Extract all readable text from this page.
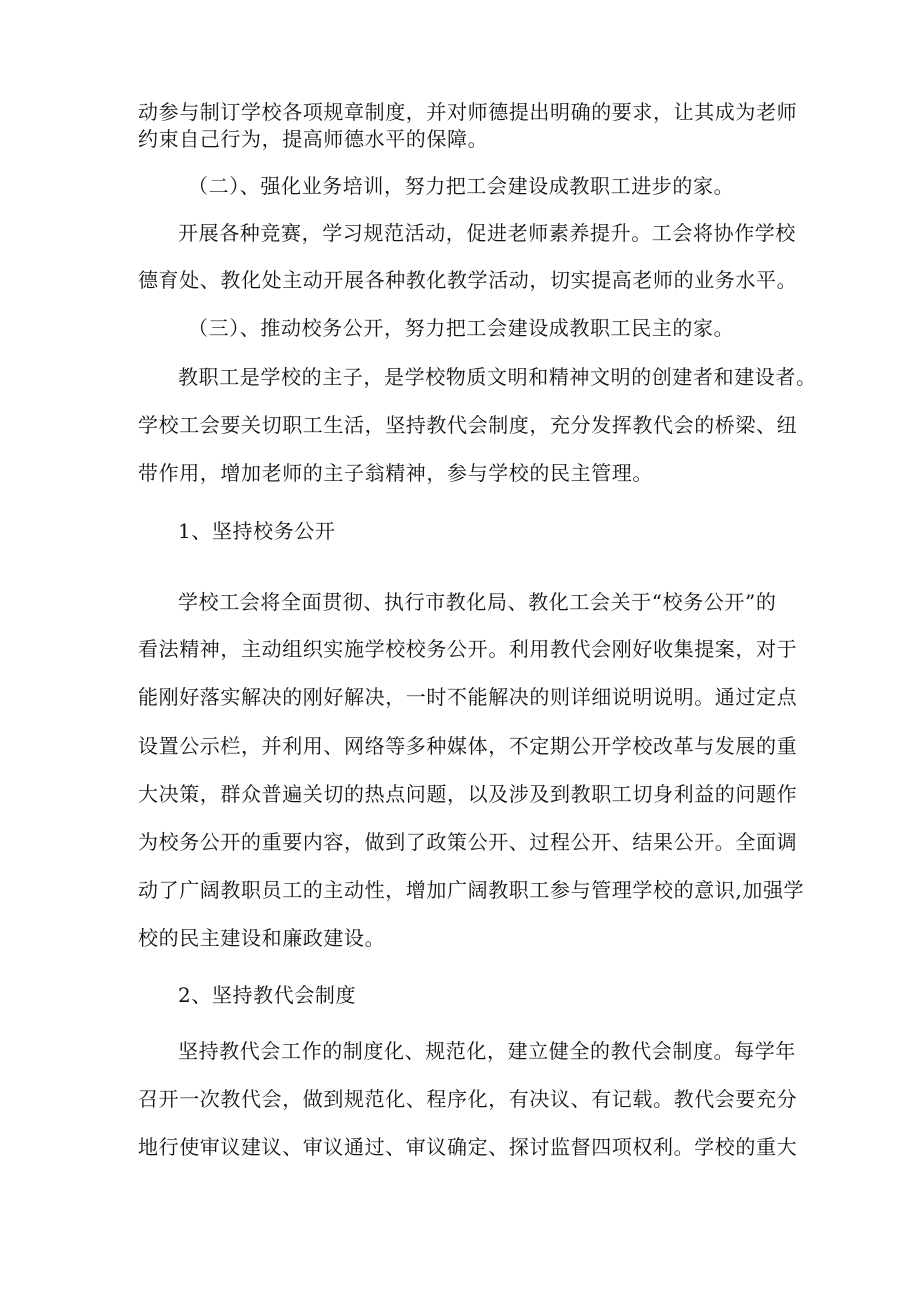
动参与制订学校各项规章制度，并对师德提出明确的要求，让其成为老师
约束自己行为，提高师德水平的保障。
（二）、强化业务培训，努力把工会建设成教职工进步的家。
开展各种竞赛，学习规范活动，促进老师素养提升。工会将协作学校
德育处、教化处主动开展各种教化教学活动，切实提高老师的业务水平。
（三）、推动校务公开，努力把工会建设成教职工民主的家。
教职工是学校的主子，是学校物质文明和精神文明的创建者和建设者。
学校工会要关切职工生活，坚持教代会制度，充分发挥教代会的桥梁、纽
带作用，增加老师的主子翁精神，参与学校的民主管理。
1、坚持校务公开
学校工会将全面贯彻、执行市教化局、教化工会关于“校务公开”的
看法精神，主动组织实施学校校务公开。利用教代会刚好收集提案，对于
能刚好落实解决的刚好解决，一时不能解决的则详细说明说明。通过定点
设置公示栏，并利用、网络等多种媒体，不定期公开学校改革与发展的重
大决策，群众普遍关切的热点问题，以及涉及到教职工切身利益的问题作
为校务公开的重要内容，做到了政策公开、过程公开、结果公开。全面调
动了广阔教职员工的主动性，增加广阔教职工参与管理学校的意识,加强学
校的民主建设和廉政建设。
2、坚持教代会制度
坚持教代会工作的制度化、规范化，建立健全的教代会制度。每学年
召开一次教代会，做到规范化、程序化，有决议、有记载。教代会要充分
地行使审议建议、审议通过、审议确定、探讨监督四项权利。学校的重大
